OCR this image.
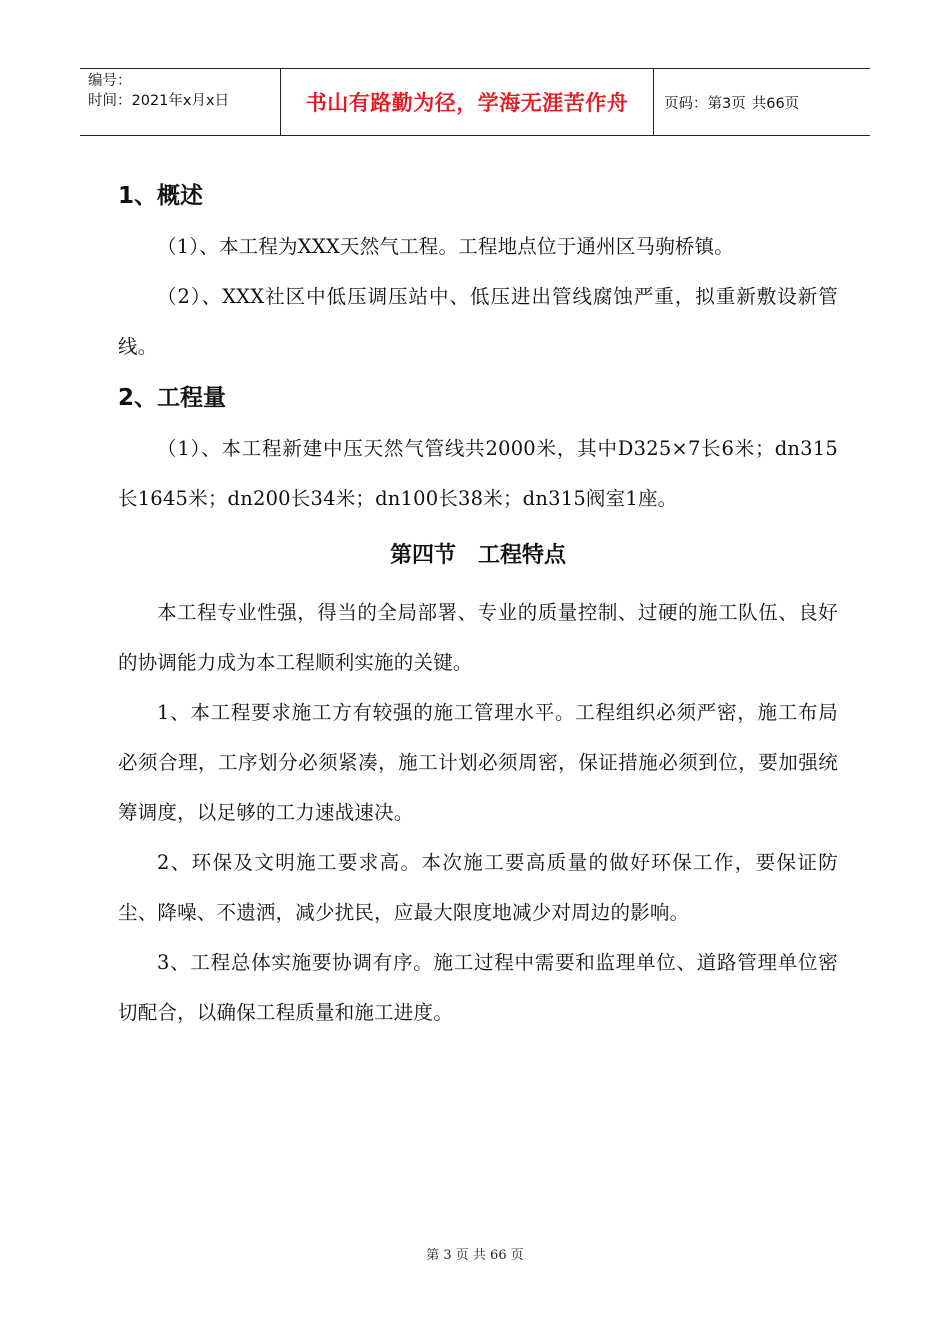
编号：
时间：2021年x月x日	书山有路勤为径，学海无涯苦作舟	页码：第3页 共66页
1、概述

（1）、本工程为XXX天然气工程。工程地点位于通州区马驹桥镇。

（2）、XXX社区中低压调压站中、低压进出管线腐蚀严重，拟重新敷设新管线。

2、工程量

（1）、本工程新建中压天然气管线共2000米，其中D325×7长6米；dn315长1645米；dn200长34米；dn100长38米；dn315阀室1座。

第四节　工程特点

本工程专业性强，得当的全局部署、专业的质量控制、过硬的施工队伍、良好的协调能力成为本工程顺利实施的关键。

1、本工程要求施工方有较强的施工管理水平。工程组织必须严密，施工布局必须合理，工序划分必须紧凑，施工计划必须周密，保证措施必须到位，要加强统筹调度，以足够的工力速战速决。

2、环保及文明施工要求高。本次施工要高质量的做好环保工作，要保证防尘、降噪、不遗洒，减少扰民，应最大限度地减少对周边的影响。

3、工程总体实施要协调有序。施工过程中需要和监理单位、道路管理单位密切配合，以确保工程质量和施工进度。

第 3 页 共 66 页
